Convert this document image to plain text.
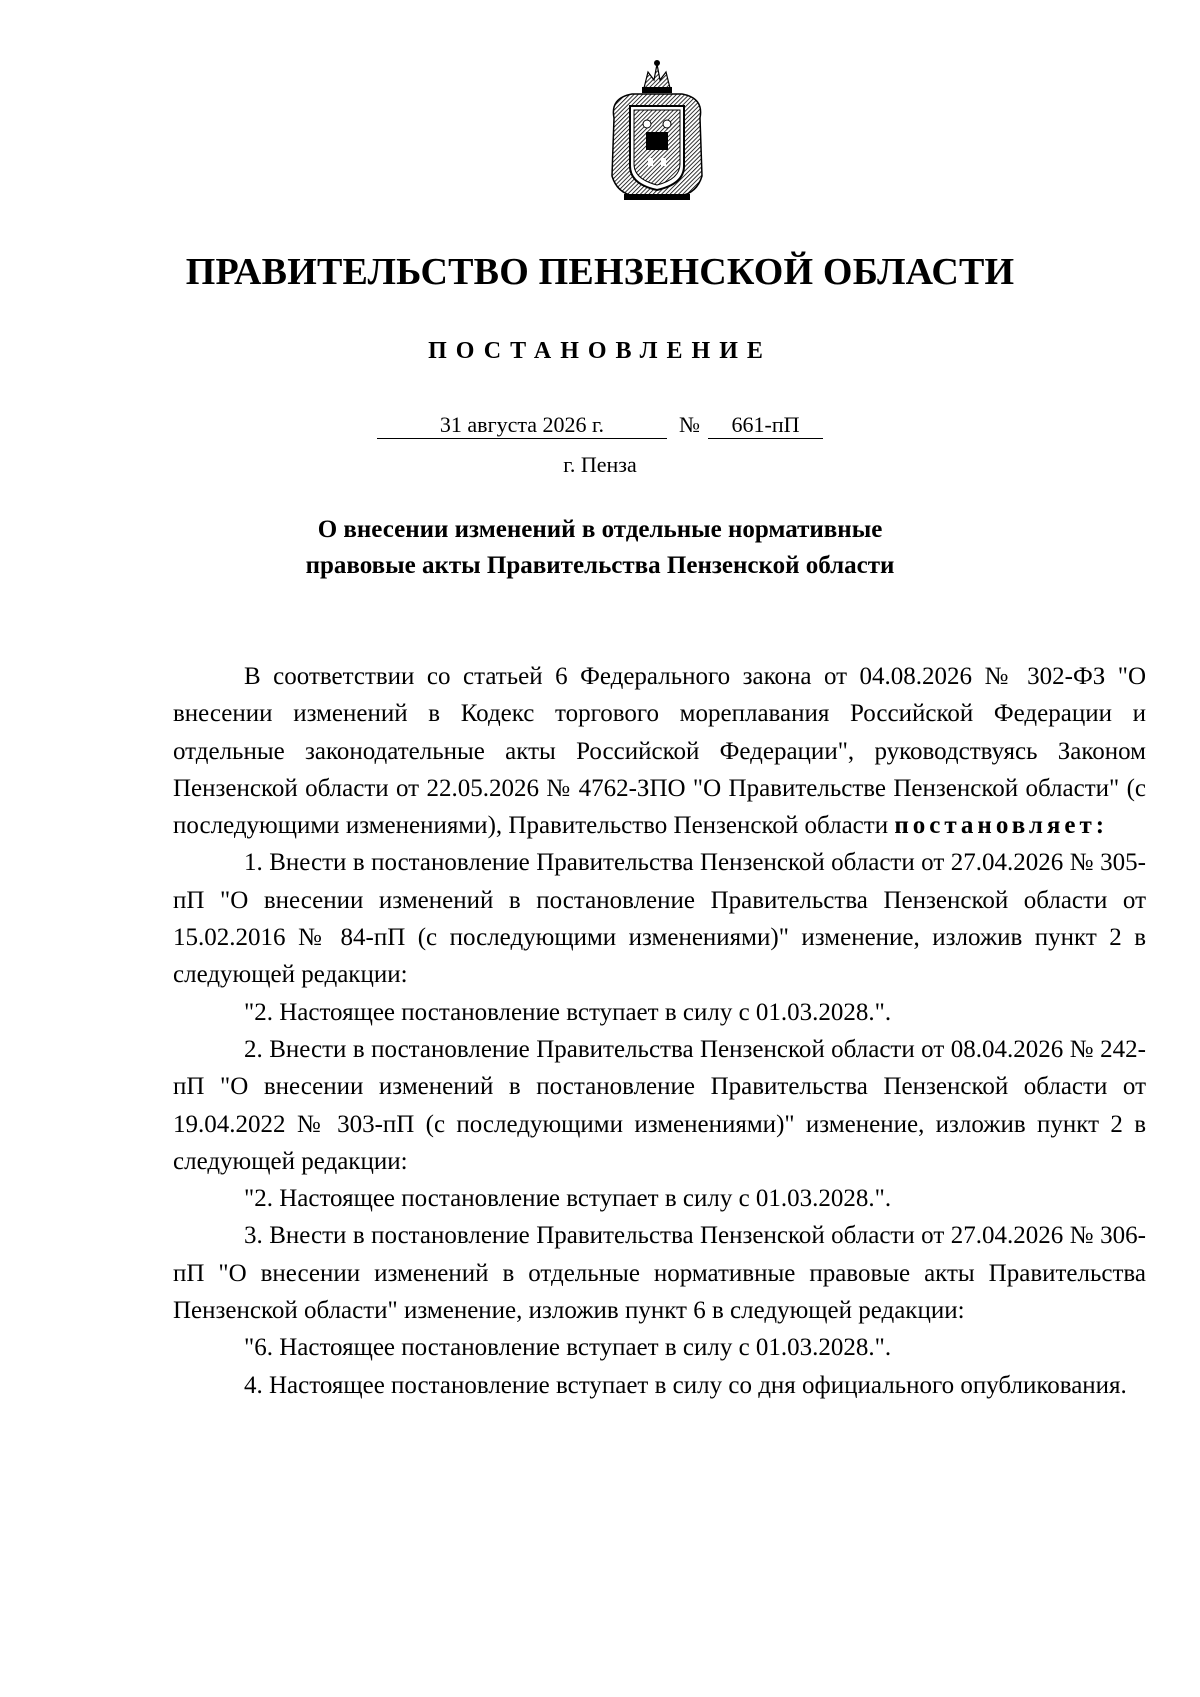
ПРАВИТЕЛЬСТВО ПЕНЗЕНСКОЙ ОБЛАСТИ
ПОСТАНОВЛЕНИЕ
31 августа 2026 г.	№ 661-пП
г. Пенза
О внесении изменений в отдельные нормативные
правовые акты Правительства Пензенской области

В соответствии со статьей 6 Федерального закона от 04.08.2026 № 302-ФЗ "О внесении изменений в Кодекс торгового мореплавания Российской Федерации и отдельные законодательные акты Российской Федерации", руководствуясь Законом Пензенской области от 22.05.2026 № 4762-ЗПО "О Правительстве Пензенской области" (с последующими изменениями), Правительство Пензенской области постановляет:

1. Внести в постановление Правительства Пензенской области от 27.04.2026 № 305-пП "О внесении изменений в постановление Правительства Пензенской области от 15.02.2016 № 84-пП (с последующими изменениями)" изменение, изложив пункт 2 в следующей редакции:

"2. Настоящее постановление вступает в силу с 01.03.2028.".

2. Внести в постановление Правительства Пензенской области от 08.04.2026 № 242-пП "О внесении изменений в постановление Правительства Пензенской области от 19.04.2022 № 303-пП (с последующими изменениями)" изменение, изложив пункт 2 в следующей редакции:

"2. Настоящее постановление вступает в силу с 01.03.2028.".

3. Внести в постановление Правительства Пензенской области от 27.04.2026 № 306-пП "О внесении изменений в отдельные нормативные правовые акты Правительства Пензенской области" изменение, изложив пункт 6 в следующей редакции:

"6. Настоящее постановление вступает в силу с 01.03.2028.".

4. Настоящее постановление вступает в силу со дня официального опубликования.
